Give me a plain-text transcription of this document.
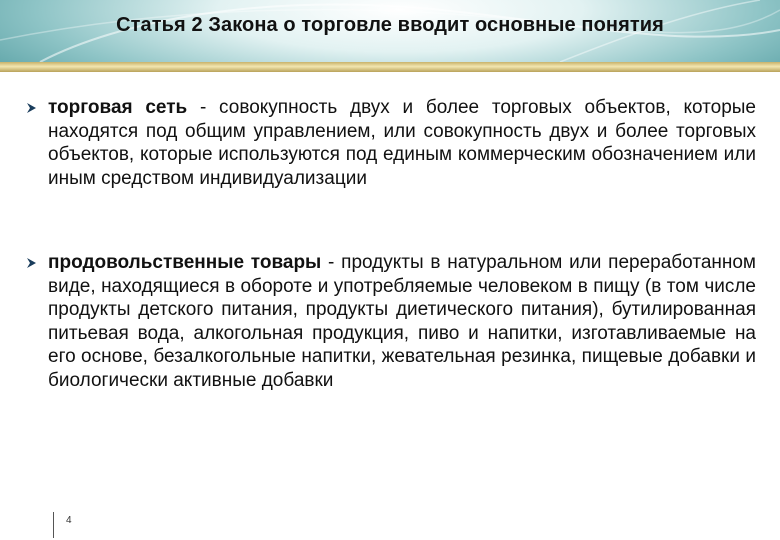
Статья 2 Закона о торговле вводит основные понятия
торговая сеть - совокупность двух и более торговых объектов, которые находятся под общим управлением, или совокупность двух и более торговых объектов, которые используются под единым коммерческим обозначением или иным средством индивидуализации
продовольственные товары - продукты в натуральном или переработанном виде, находящиеся в обороте и употребляемые человеком в пищу (в том числе продукты детского питания, продукты диетического питания), бутилированная питьевая вода, алкогольная продукция, пиво и напитки, изготавливаемые на его основе, безалкогольные напитки, жевательная резинка, пищевые добавки и биологически активные добавки
4
